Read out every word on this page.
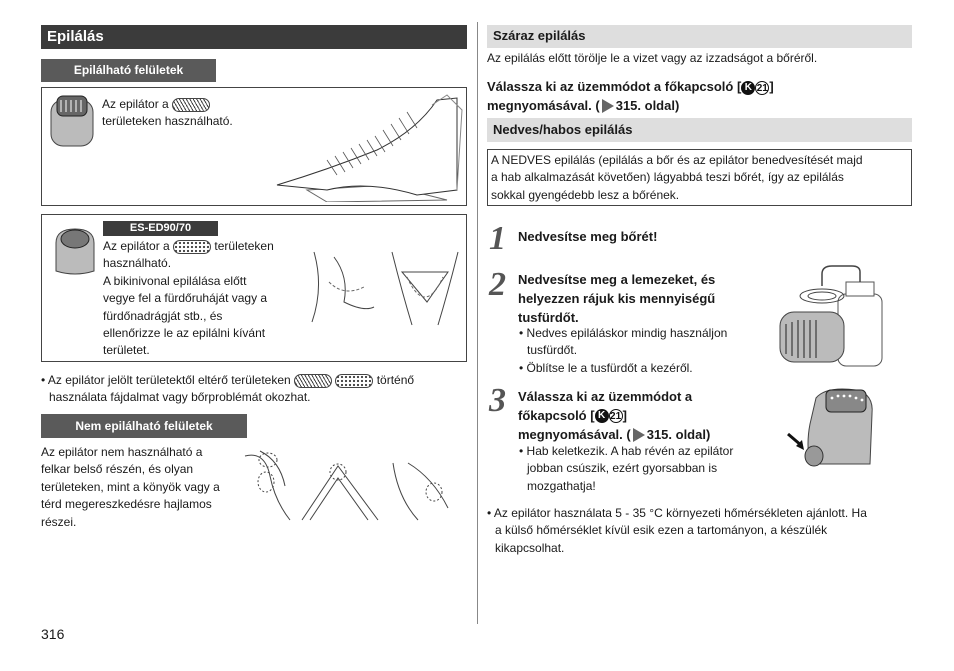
Epilálás
Epilálható felületek
Az epilátor a
területeken használható.
ES-ED90/70
Az epilátor a	területeken
használható.
A bikinivonal epilálása előtt
vegye fel a fürdőruháját vagy a
fürdőnadrágját stb., és
ellenőrizze le az epilálni kívánt
területet.
• Az epilátor jelölt területektől eltérő területeken	történő
használata fájdalmat vagy bőrproblémát okozhat.
Nem epilálható felületek
Az epilátor nem használható a
felkar belső részén, és olyan
területeken, mint a könyök vagy a
térd megereszkedésre hajlamos
részei.
316
Száraz epilálás
Az epilálás előtt törölje le a vizet vagy az izzadságot a bőréről.
Válassza ki az üzemmódot a főkapcsoló [ K 21]
megnyomásával. ( 315. oldal)
Nedves/habos epilálás
A NEDVES epilálás (epilálás a bőr és az epilátor benedvesítését majd
a hab alkalmazását követően) lágyabbá teszi bőrét, így az epilálás
sokkal gyengédebb lesz a bőrének.
1 Nedvesítse meg bőrét!
2 Nedvesítse meg a lemezeket, és
helyezzen rájuk kis mennyiségű
tusfürdőt.
• Nedves epiláláskor mindig használjon
tusfürdőt.
• Öblítse le a tusfürdőt a kezéről.
3 Válassza ki az üzemmódot a
főkapcsoló [ K 21]
megnyomásával. ( 315. oldal)
• Hab keletkezik. A hab révén az epilátor
jobban csúszik, ezért gyorsabban is
mozgathatja!
• Az epilátor használata 5 - 35 °C környezeti hőmérsékleten ajánlott. Ha
a külső hőmérséklet kívül esik ezen a tartományon, a készülék
kikapcsolhat.
